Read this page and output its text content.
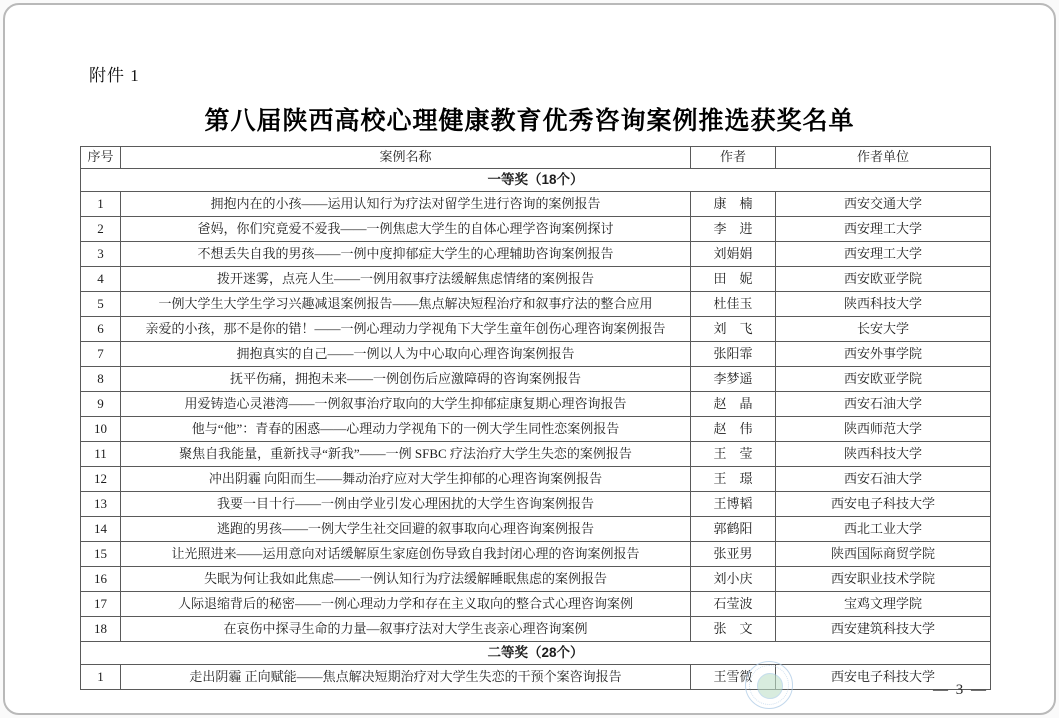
附件 1
第八届陕西高校心理健康教育优秀咨询案例推选获奖名单
序号	案例名称	作者	作者单位
一等奖（18个）			
1	拥抱内在的小孩——运用认知行为疗法对留学生进行咨询的案例报告	康　楠	西安交通大学
2	爸妈，你们究竟爱不爱我——一例焦虑大学生的自体心理学咨询案例探讨	李　进	西安理工大学
3	不想丢失自我的男孩——一例中度抑郁症大学生的心理辅助咨询案例报告	刘娟娟	西安理工大学
4	拨开迷雾，点亮人生——一例用叙事疗法缓解焦虑情绪的案例报告	田　妮	西安欧亚学院
5	一例大学生大学生学习兴趣减退案例报告——焦点解决短程治疗和叙事疗法的整合应用	杜佳玉	陕西科技大学
6	亲爱的小孩，那不是你的错！——一例心理动力学视角下大学生童年创伤心理咨询案例报告	刘　飞	长安大学
7	拥抱真实的自己——一例以人为中心取向心理咨询案例报告	张阳霏	西安外事学院
8	抚平伤痛，拥抱未来——一例创伤后应激障碍的咨询案例报告	李梦遥	西安欧亚学院
9	用爱铸造心灵港湾——一例叙事治疗取向的大学生抑郁症康复期心理咨询报告	赵　晶	西安石油大学
10	他与“他”：青春的困惑——心理动力学视角下的一例大学生同性恋案例报告	赵　伟	陕西师范大学
11	聚焦自我能量，重新找寻“新我”——一例 SFBC 疗法治疗大学生失恋的案例报告	王　莹	陕西科技大学
12	冲出阴霾 向阳而生——舞动治疗应对大学生抑郁的心理咨询案例报告	王　璟	西安石油大学
13	我要一目十行——一例由学业引发心理困扰的大学生咨询案例报告	王博韬	西安电子科技大学
14	逃跑的男孩——一例大学生社交回避的叙事取向心理咨询案例报告	郭鹤阳	西北工业大学
15	让光照进来——运用意向对话缓解原生家庭创伤导致自我封闭心理的咨询案例报告	张亚男	陕西国际商贸学院
16	失眠为何让我如此焦虑——一例认知行为疗法缓解睡眠焦虑的案例报告	刘小庆	西安职业技术学院
17	人际退缩背后的秘密——一例心理动力学和存在主义取向的整合式心理咨询案例	石莹波	宝鸡文理学院
18	在哀伤中探寻生命的力量—叙事疗法对大学生丧亲心理咨询案例	张　文	西安建筑科技大学
二等奖（28个）			
1	走出阴霾 正向赋能——焦点解决短期治疗对大学生失恋的干预个案咨询报告	王雪微	西安电子科技大学
— 3 —
